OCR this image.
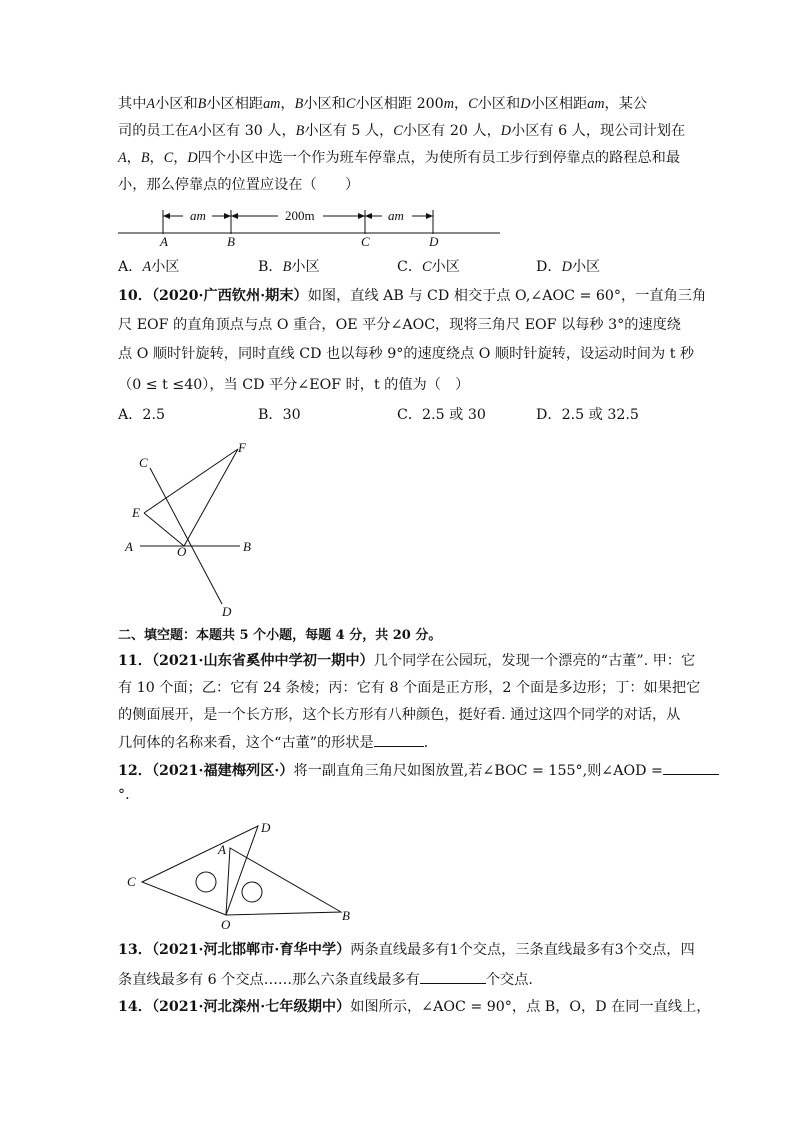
其中A小区和B小区相距am，B小区和C小区相距 200m，C小区和D小区相距am，某公
司的员工在A小区有 30 人，B小区有 5 人，C小区有 20 人，D小区有 6 人，现公司计划在
A，B，C，D四个小区中选一个作为班车停靠点，为使所有员工步行到停靠点的路程总和最
小，那么停靠点的位置应设在（　　）
am	200m	am
A	B	C	D
A．A小区	B．B小区	C．C小区	D．D小区
10．（2020·广西钦州·期末）如图，直线 AB 与 CD 相交于点 O,∠AOC = 60°，一直角三角
尺 EOF 的直角顶点与点 O 重合，OE 平分∠AOC，现将三角尺 EOF 以每秒 3°的速度绕
点 O 顺时针旋转，同时直线 CD 也以每秒 9°的速度绕点 O 顺时针旋转，设运动时间为 t 秒
（0 ≤ t ≤40），当 CD 平分∠EOF 时，t 的值为（　）
A．2.5	B．30	C．2.5 或 30	D．2.5 或 32.5
C
F
E
A	O	B
D
二、填空题：本题共 5 个小题，每题 4 分，共 20 分。
11．（2021·山东省奚仲中学初一期中）几个同学在公园玩，发现一个漂亮的“古董”. 甲：它
有 10 个面；乙：它有 24 条棱；丙：它有 8 个面是正方形，2 个面是多边形；丁：如果把它
的侧面展开，是一个长方形，这个长方形有八种颜色，挺好看. 通过这四个同学的对话，从
几何体的名称来看，这个“古董”的形状是	.
12．（2021·福建梅列区·）将一副直角三角尺如图放置,若∠BOC = 155°,则∠AOD =
°.
D
A
C
O
B
13．（2021·河北邯郸市·育华中学）两条直线最多有1个交点，三条直线最多有3个交点，四
条直线最多有 6 个交点……那么六条直线最多有	个交点.
14．（2021·河北滦州·七年级期中）如图所示，∠AOC = 90°，点 B，O，D 在同一直线上，
